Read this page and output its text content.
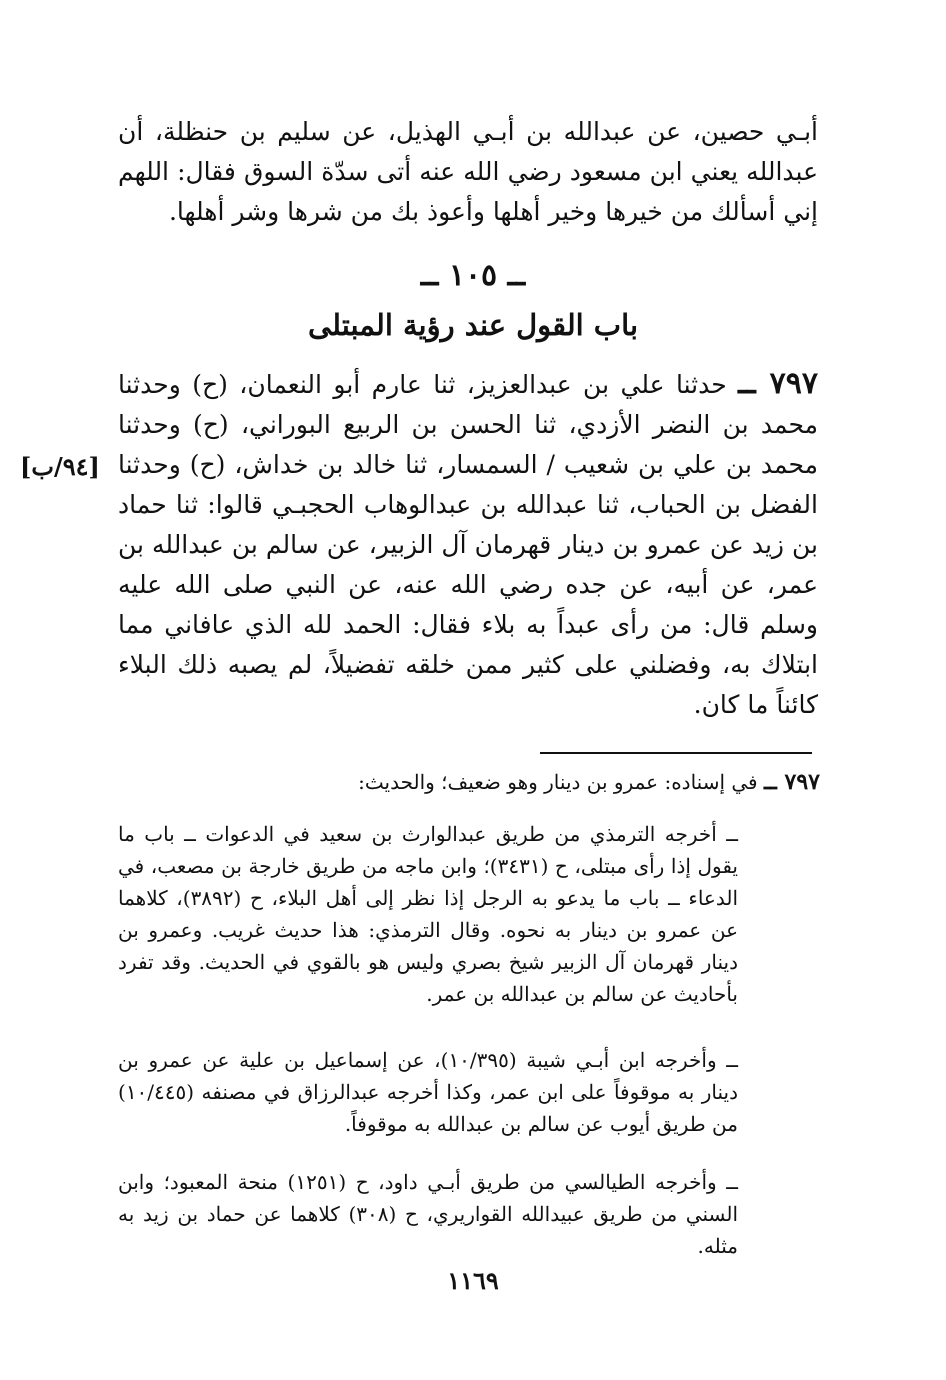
أبـي حصين، عن عبدالله بن أبـي الهذيل، عن سليم بن حنظلة، أن عبدالله يعني ابن مسعود رضي الله عنه أتى سدّة السوق فقال: اللهم إني أسألك من خيرها وخير أهلها وأعوذ بك من شرها وشر أهلها.

ــ ١٠٥ ــ
باب القول عند رؤية المبتلى

٧٩٧ ــ حدثنا علي بن عبدالعزيز، ثنا عارم أبو النعمان، (ح) وحدثنا محمد بن النضر الأزدي، ثنا الحسن بن الربيع البوراني، (ح) وحدثنا محمد بن علي بن شعيب / السمسار، ثنا خالد بن خداش، (ح) وحدثنا الفضل بن الحباب، ثنا عبدالله بن عبدالوهاب الحجبـي قالوا: ثنا حماد بن زيد عن عمرو بن دينار قهرمان آل الزبير، عن سالم بن عبدالله بن عمر، عن أبيه، عن جده رضي الله عنه، عن النبي صلى الله عليه وسلم قال: من رأى عبداً به بلاء فقال: الحمد لله الذي عافاني مما ابتلاك به، وفضلني على كثير ممن خلقه تفضيلاً، لم يصبه ذلك البلاء كائناً ما كان.

[٩٤/ب]
٧٩٧ ــ في إسناده: عمرو بن دينار وهو ضعيف؛ والحديث:

ــ أخرجه الترمذي من طريق عبدالوارث بن سعيد في الدعوات ــ باب ما يقول إذا رأى مبتلى، ح (٣٤٣١)؛ وابن ماجه من طريق خارجة بن مصعب، في الدعاء ــ باب ما يدعو به الرجل إذا نظر إلى أهل البلاء، ح (٣٨٩٢)، كلاهما عن عمرو بن دينار به نحوه. وقال الترمذي: هذا حديث غريب. وعمرو بن دينار قهرمان آل الزبير شيخ بصري وليس هو بالقوي في الحديث. وقد تفرد بأحاديث عن سالم بن عبدالله بن عمر.

ــ وأخرجه ابن أبـي شيبة (١٠/٣٩٥)، عن إسماعيل بن علية عن عمرو بن دينار به موقوفاً على ابن عمر، وكذا أخرجه عبدالرزاق في مصنفه (١٠/٤٤٥) من طريق أيوب عن سالم بن عبدالله به موقوفاً.

ــ وأخرجه الطيالسي من طريق أبـي داود، ح (١٢٥١) منحة المعبود؛ وابن السني من طريق عبيدالله القواريري، ح (٣٠٨) كلاهما عن حماد بن زيد به مثله.

١١٦٩
